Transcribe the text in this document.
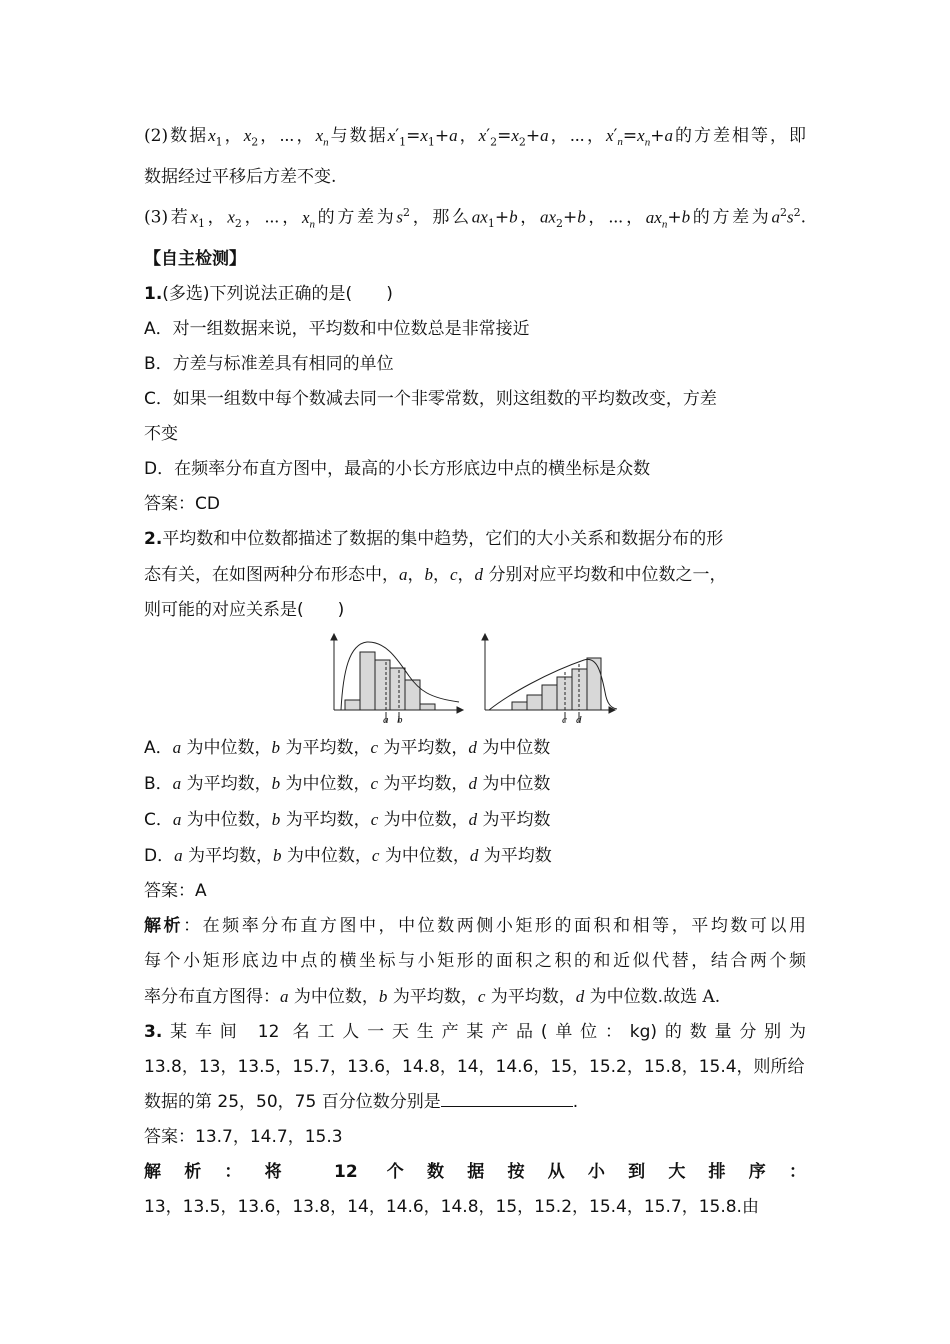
(2)数据$x_1$，$x_2$，⋯，$x_n$与数据$x'_1=x_1+a$，$x'_2=x_2+a$，⋯，$x'_n=x_n+a$的方差相等，即
数据经过平移后方差不变.
(3)若$x_1$，$x_2$，⋯，$x_n$的方差为$s^2$，那么$ax_1+b$，$ax_2+b$，⋯，$ax_n+b$的方差为$a^2s^2$.
【自主检测】
1.(多选)下列说法正确的是(　　)
A．对一组数据来说，平均数和中位数总是非常接近
B．方差与标准差具有相同的单位
C．如果一组数中每个数减去同一个非零常数，则这组数的平均数改变，方差
不变
D．在频率分布直方图中，最高的小长方形底边中点的横坐标是众数
答案：CD
2.平均数和中位数都描述了数据的集中趋势，它们的大小关系和数据分布的形
态有关，在如图两种分布形态中，a，b，c，d 分别对应平均数和中位数之一，
则可能的对应关系是(　　)
a b	c d
A．a 为中位数，b 为平均数，c 为平均数，d 为中位数
B．a 为平均数，b 为中位数，c 为平均数，d 为中位数
C．a 为中位数，b 为平均数，c 为中位数，d 为平均数
D．a 为平均数，b 为中位数，c 为中位数，d 为平均数
答案：A
解析：在频率分布直方图中，中位数两侧小矩形的面积和相等，平均数可以用
每个小矩形底边中点的横坐标与小矩形的面积之积的和近似代替，结合两个频
率分布直方图得：a 为中位数，b 为平均数，c 为平均数，d 为中位数.故选 A.
3.某车间 12 名工人一天生产某产品(单位：kg)的数量分别为
13.8，13，13.5，15.7，13.6，14.8，14，14.6，15，15.2，15.8，15.4，则所给
数据的第 25，50，75 百分位数分别是	.
答案：13.7，14.7，15.3
解析：将 12 个数据按从小到大排序：
13，13.5，13.6，13.8，14，14.6，14.8，15，15.2，15.4，15.7，15.8.由
